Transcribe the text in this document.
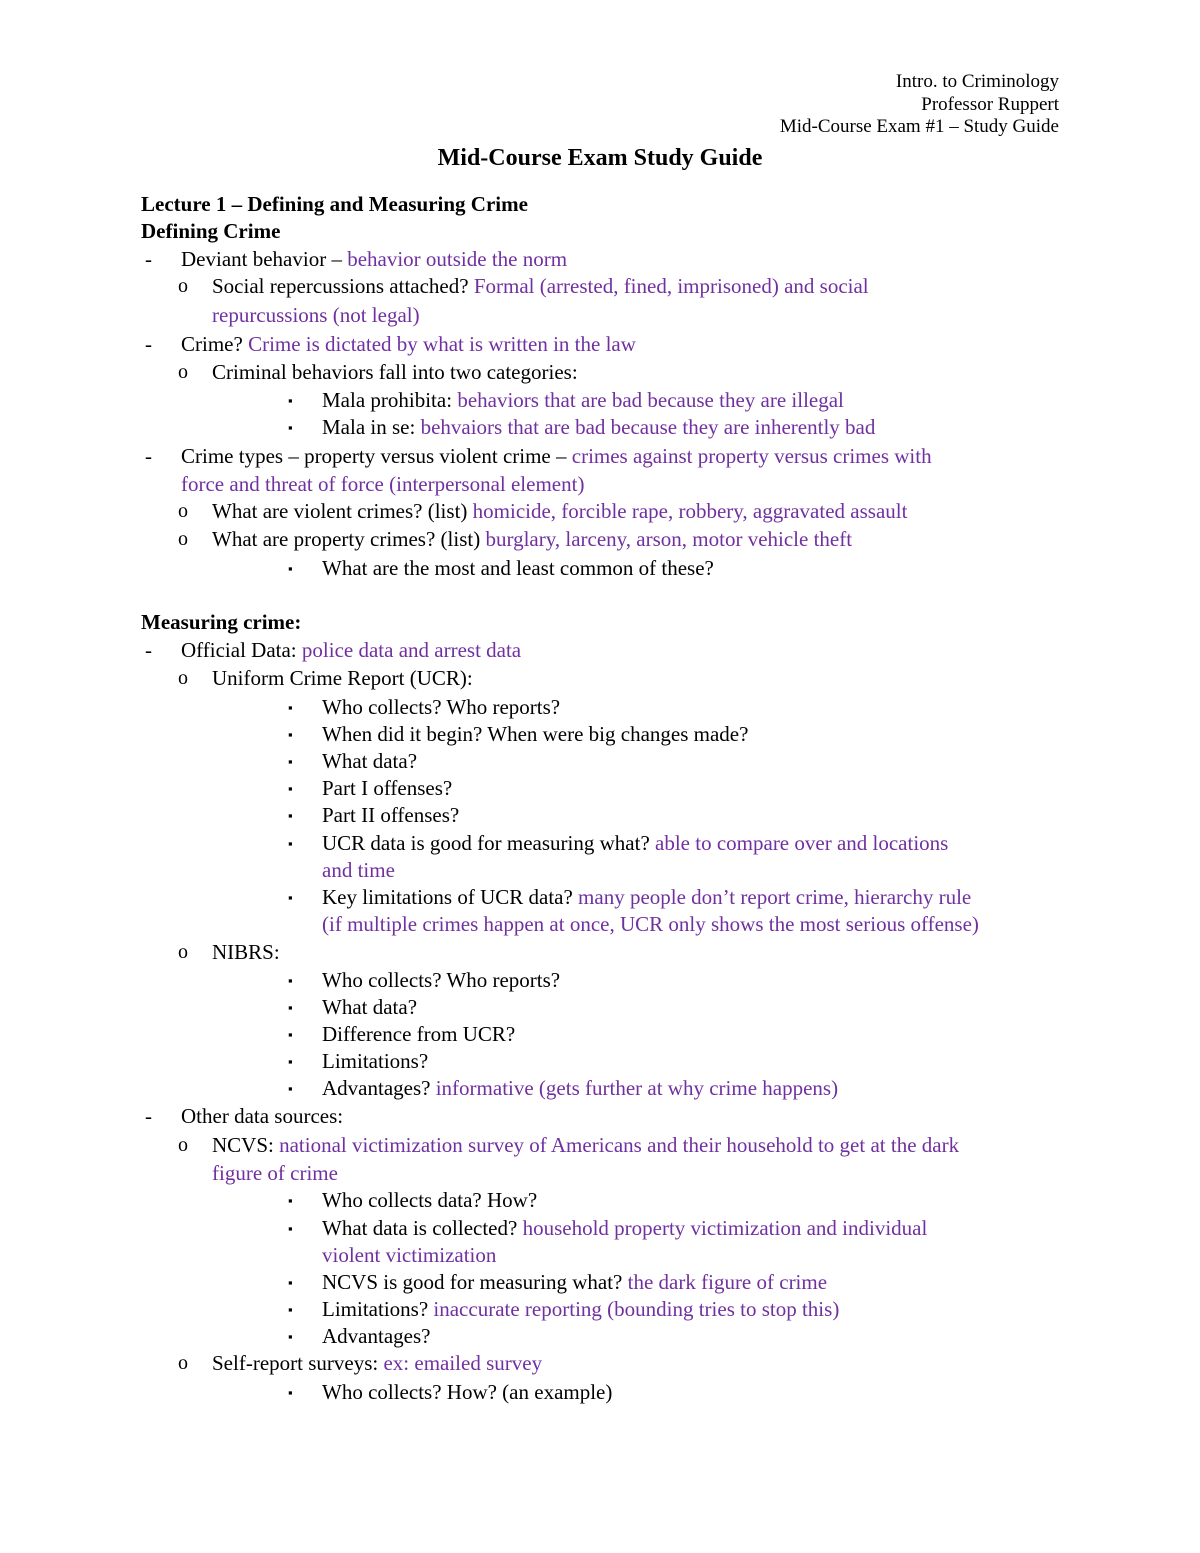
Intro. to Criminology
Professor Ruppert
Mid-Course Exam #1 – Study Guide
Mid-Course Exam Study Guide
Lecture 1 – Defining and Measuring Crime
Defining Crime
- Deviant behavior – behavior outside the norm
o Social repercussions attached? Formal (arrested, fined, imprisoned) and social
repurcussions (not legal)
- Crime? Crime is dictated by what is written in the law
o Criminal behaviors fall into two categories:
▪ Mala prohibita: behaviors that are bad because they are illegal
▪ Mala in se: behvaiors that are bad because they are inherently bad
- Crime types – property versus violent crime – crimes against property versus crimes with
force and threat of force (interpersonal element)
o What are violent crimes? (list) homicide, forcible rape, robbery, aggravated assault
o What are property crimes? (list) burglary, larceny, arson, motor vehicle theft
▪ What are the most and least common of these?
Measuring crime:
- Official Data: police data and arrest data
o Uniform Crime Report (UCR):
▪ Who collects? Who reports?
▪ When did it begin? When were big changes made?
▪ What data?
▪ Part I offenses?
▪ Part II offenses?
▪ UCR data is good for measuring what? able to compare over and locations
and time
▪ Key limitations of UCR data? many people don’t report crime, hierarchy rule
(if multiple crimes happen at once, UCR only shows the most serious offense)
o NIBRS:
▪ Who collects? Who reports?
▪ What data?
▪ Difference from UCR?
▪ Limitations?
▪ Advantages? informative (gets further at why crime happens)
- Other data sources:
o NCVS: national victimization survey of Americans and their household to get at the dark
figure of crime
▪ Who collects data? How?
▪ What data is collected? household property victimization and individual
violent victimization
▪ NCVS is good for measuring what? the dark figure of crime
▪ Limitations? inaccurate reporting (bounding tries to stop this)
▪ Advantages?
o Self-report surveys: ex: emailed survey
▪ Who collects? How? (an example)
